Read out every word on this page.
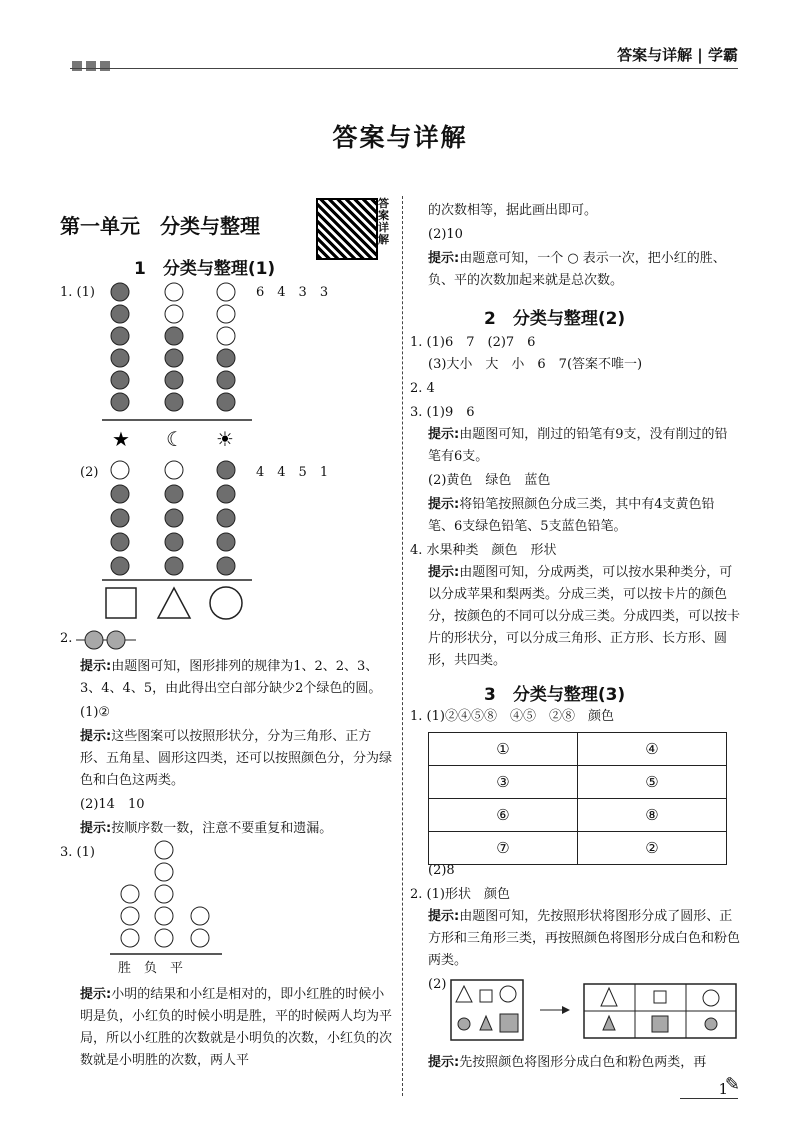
答案与详解 | 学霸
答案与详解
第一单元　分类与整理
答案详解
1　分类与整理(1)
1. (1)
★ ☾ ☀
6　4　3　3
(2)	4　4　5　1
2.
提示:由题图可知，图形排列的规律为1、2、2、3、3、4、4、5，由此得出空白部分缺少2个绿色的圆。
(1)②
提示:这些图案可以按照形状分，分为三角形、正方形、五角星、圆形这四类，还可以按照颜色分，分为绿色和白色这两类。
(2)14　10
提示:按顺序数一数，注意不要重复和遗漏。
3. (1)
胜　负　平
提示:小明的结果和小红是相对的，即小红胜的时候小明是负，小红负的时候小明是胜，平的时候两人均为平局，所以小红胜的次数就是小明负的次数，小红负的次数就是小明胜的次数，两人平
的次数相等，据此画出即可。
(2)10
提示:由题意可知，一个 ○ 表示一次，把小红的胜、负、平的次数加起来就是总次数。
2　分类与整理(2)
1. (1)6　7　(2)7　6
(3)大小　大　小　6　7(答案不唯一)
2. 4
3. (1)9　6
提示:由题图可知，削过的铅笔有9支，没有削过的铅笔有6支。
(2)黄色　绿色　蓝色
提示:将铅笔按照颜色分成三类，其中有4支黄色铅笔、6支绿色铅笔、5支蓝色铅笔。
4. 水果种类　颜色　形状
提示:由题图可知，分成两类，可以按水果种类分，可以分成苹果和梨两类。分成三类，可以按卡片的颜色分，按颜色的不同可以分成三类。分成四类，可以按卡片的形状分，可以分成三角形、正方形、长方形、圆形，共四类。
3　分类与整理(3)
1. (1)②④⑤⑧　④⑤　②⑧　颜色
①	④
③	⑤
⑥	⑧
⑦	②
(2)8
2. (1)形状　颜色
提示:由题图可知，先按照形状将图形分成了圆形、正方形和三角形三类，再按照颜色将图形分成白色和粉色两类。
(2)
提示:先按照颜色将图形分成白色和粉色两类，再
1
✎
